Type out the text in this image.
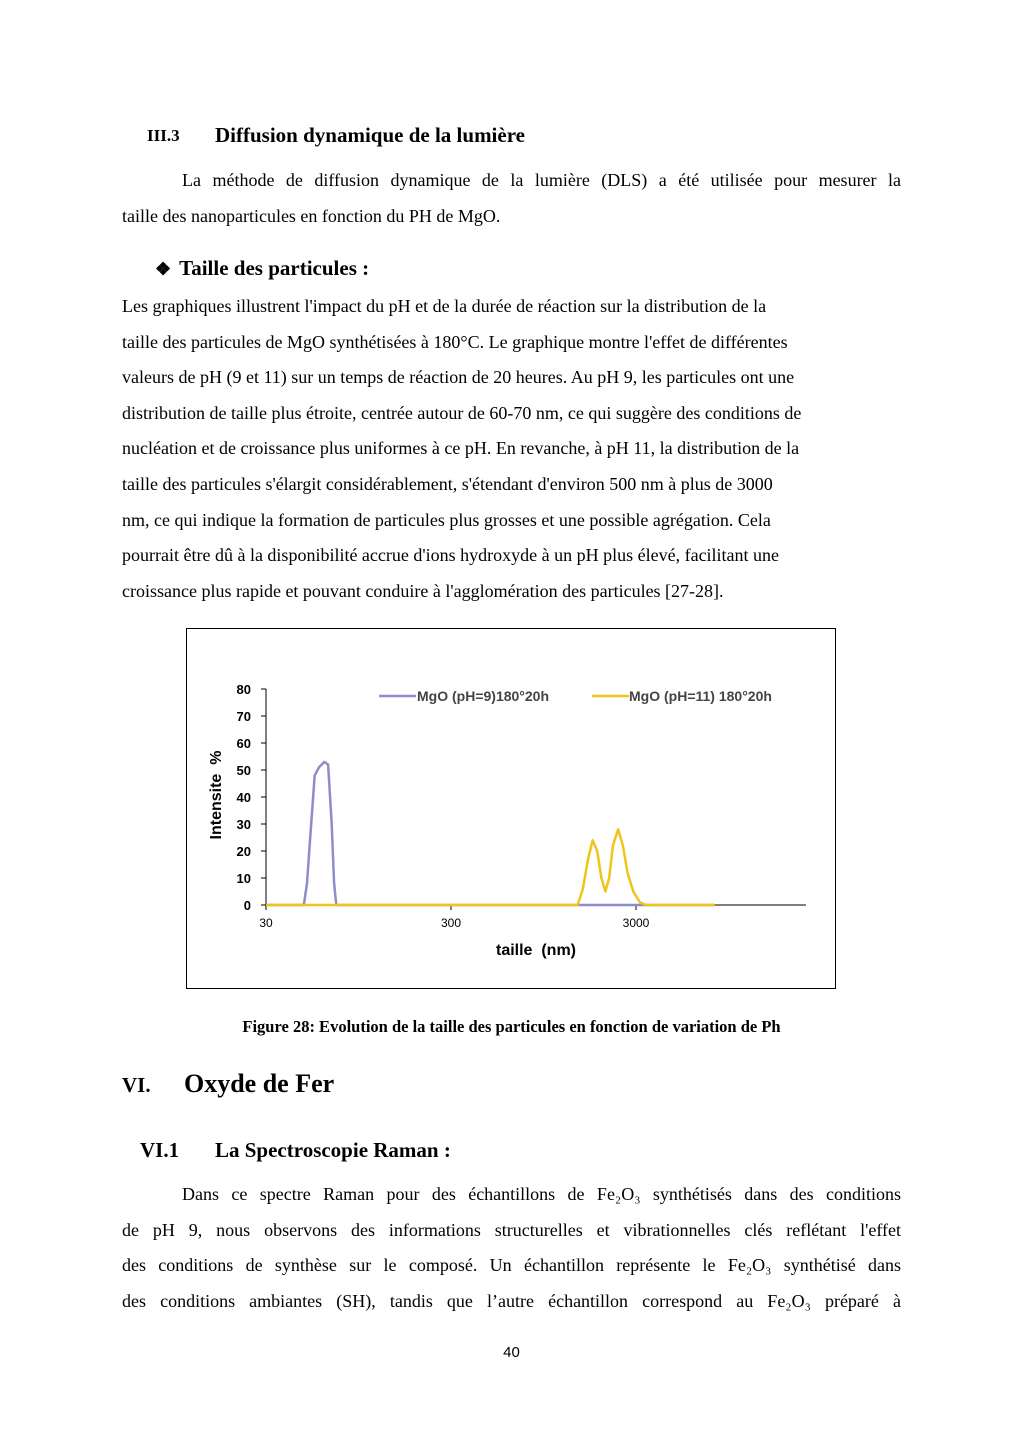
III.3 Diffusion dynamique de la lumière
La méthode de diffusion dynamique de la lumière (DLS) a été utilisée pour mesurer la
taille des nanoparticules en fonction du PH de MgO.
❖ Taille des particules :
Les graphiques illustrent l'impact du pH et de la durée de réaction sur la distribution de la
taille des particules de MgO synthétisées à 180°C. Le graphique montre l'effet de différentes
valeurs de pH (9 et 11) sur un temps de réaction de 20 heures. Au pH 9, les particules ont une
distribution de taille plus étroite, centrée autour de 60-70 nm, ce qui suggère des conditions de
nucléation et de croissance plus uniformes à ce pH. En revanche, à pH 11, la distribution de la
taille des particules s'élargit considérablement, s'étendant d'environ 500 nm à plus de 3000
nm, ce qui indique la formation de particules plus grosses et une possible agrégation. Cela
pourrait être dû à la disponibilité accrue d'ions hydroxyde à un pH plus élevé, facilitant une
croissance plus rapide et pouvant conduire à l'agglomération des particules [27-28].
0
10
20
30
40
50
60
70
80
30	300	3000
taille  (nm)
Intensite  %
MgO (pH=9)180°20h	MgO (pH=11) 180°20h
Figure 28: Evolution de la taille des particules en fonction de variation de Ph
VI. Oxyde de Fer
VI.1 La Spectroscopie Raman :
Dans ce spectre Raman pour des échantillons de Fe₂O₃ synthétisés dans des conditions
de pH 9, nous observons des informations structurelles et vibrationnelles clés reflétant l'effet
des conditions de synthèse sur le composé. Un échantillon représente le Fe₂O₃ synthétisé dans
des conditions ambiantes (SH), tandis que l’autre échantillon correspond au Fe₂O₃ préparé à
40
